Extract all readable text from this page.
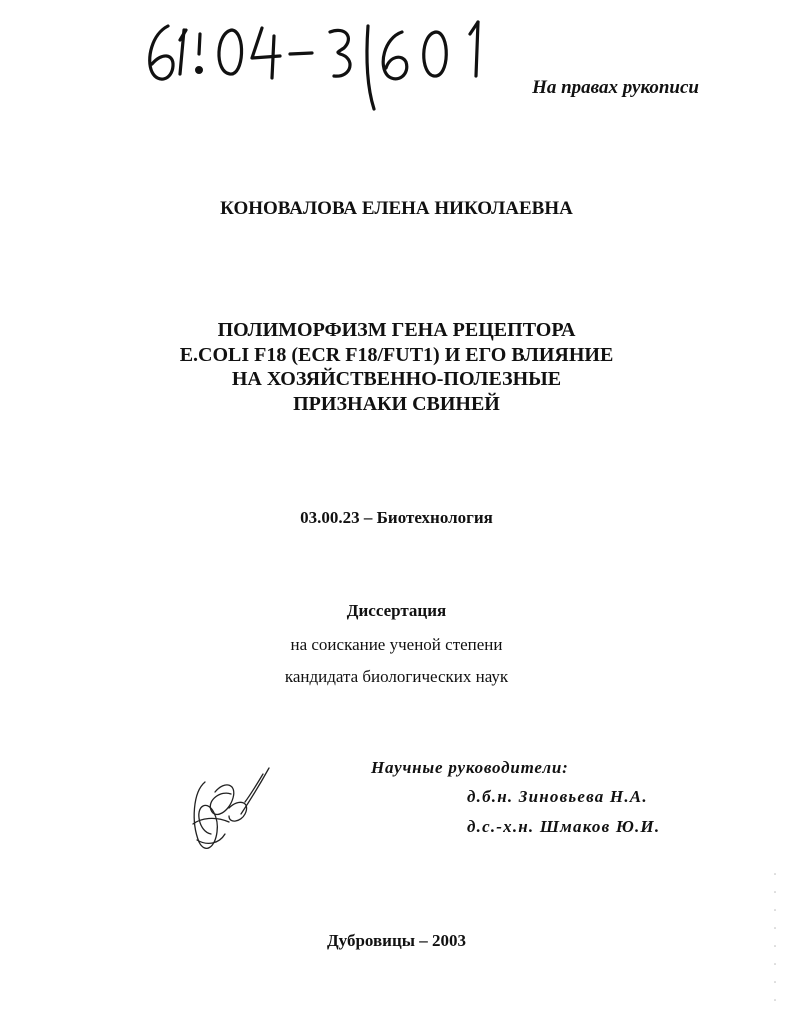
На правах рукописи
КОНОВАЛОВА ЕЛЕНА НИКОЛАЕВНА
ПОЛИМОРФИЗМ ГЕНА РЕЦЕПТОРА
E.COLI F18 (ECR F18/FUT1) И ЕГО ВЛИЯНИЕ
НА ХОЗЯЙСТВЕННО-ПОЛЕЗНЫЕ
ПРИЗНАКИ СВИНЕЙ
03.00.23 – Биотехнология
Диссертация
на соискание ученой степени
кандидата биологических наук
Научные руководители:
д.б.н. Зиновьева Н.А.
д.с.-х.н. Шмаков Ю.И.
Дубровицы – 2003
